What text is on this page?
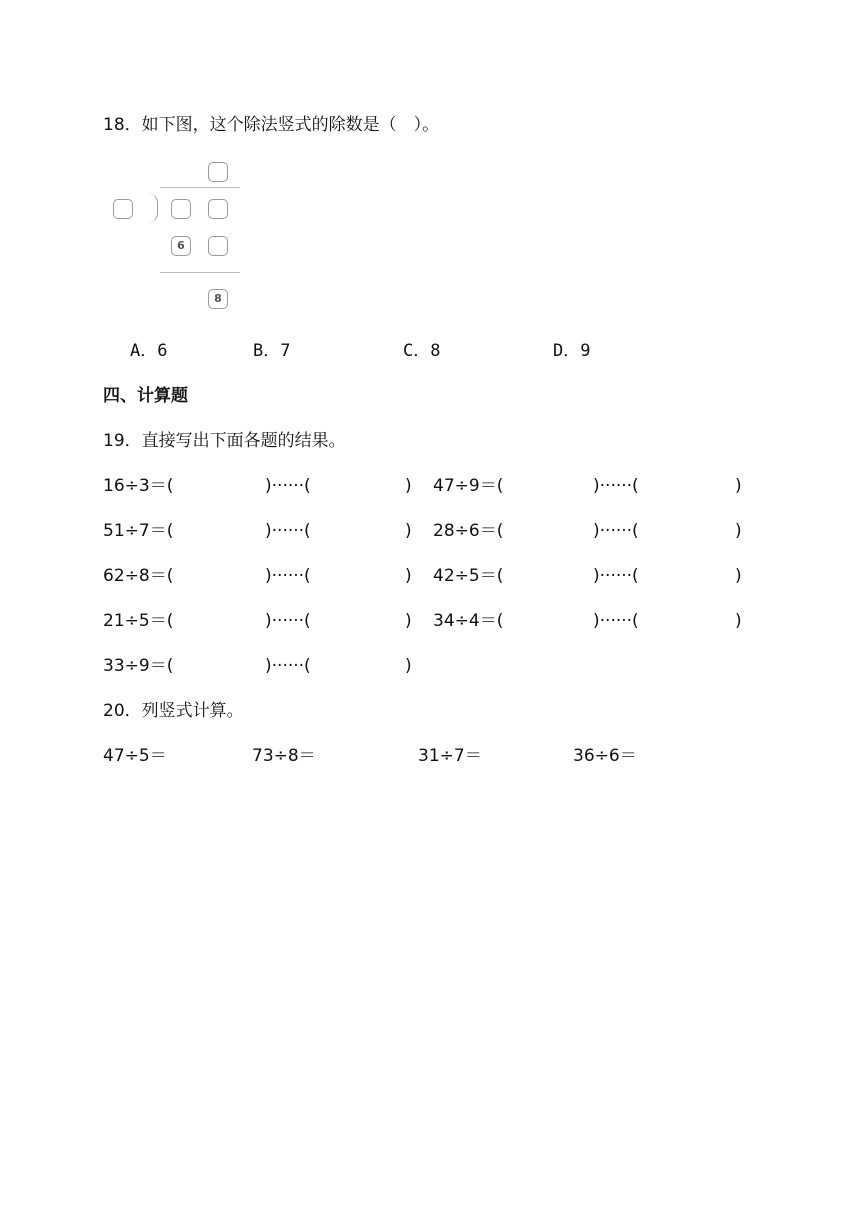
18．如下图，这个除法竖式的除数是（　）。
6
8
A．6	B．7	C．8	D．9
四、计算题
19．直接写出下面各题的结果。
16÷3＝(	)······(	) 47÷9＝(	)······(	)
51÷7＝(	)······(	) 28÷6＝(	)······(	)
62÷8＝(	)······(	) 42÷5＝(	)······(	)
21÷5＝(	)······(	) 34÷4＝(	)······(	)
33÷9＝(	)······(	)
20．列竖式计算。
47÷5＝	73÷8＝	31÷7＝	36÷6＝
